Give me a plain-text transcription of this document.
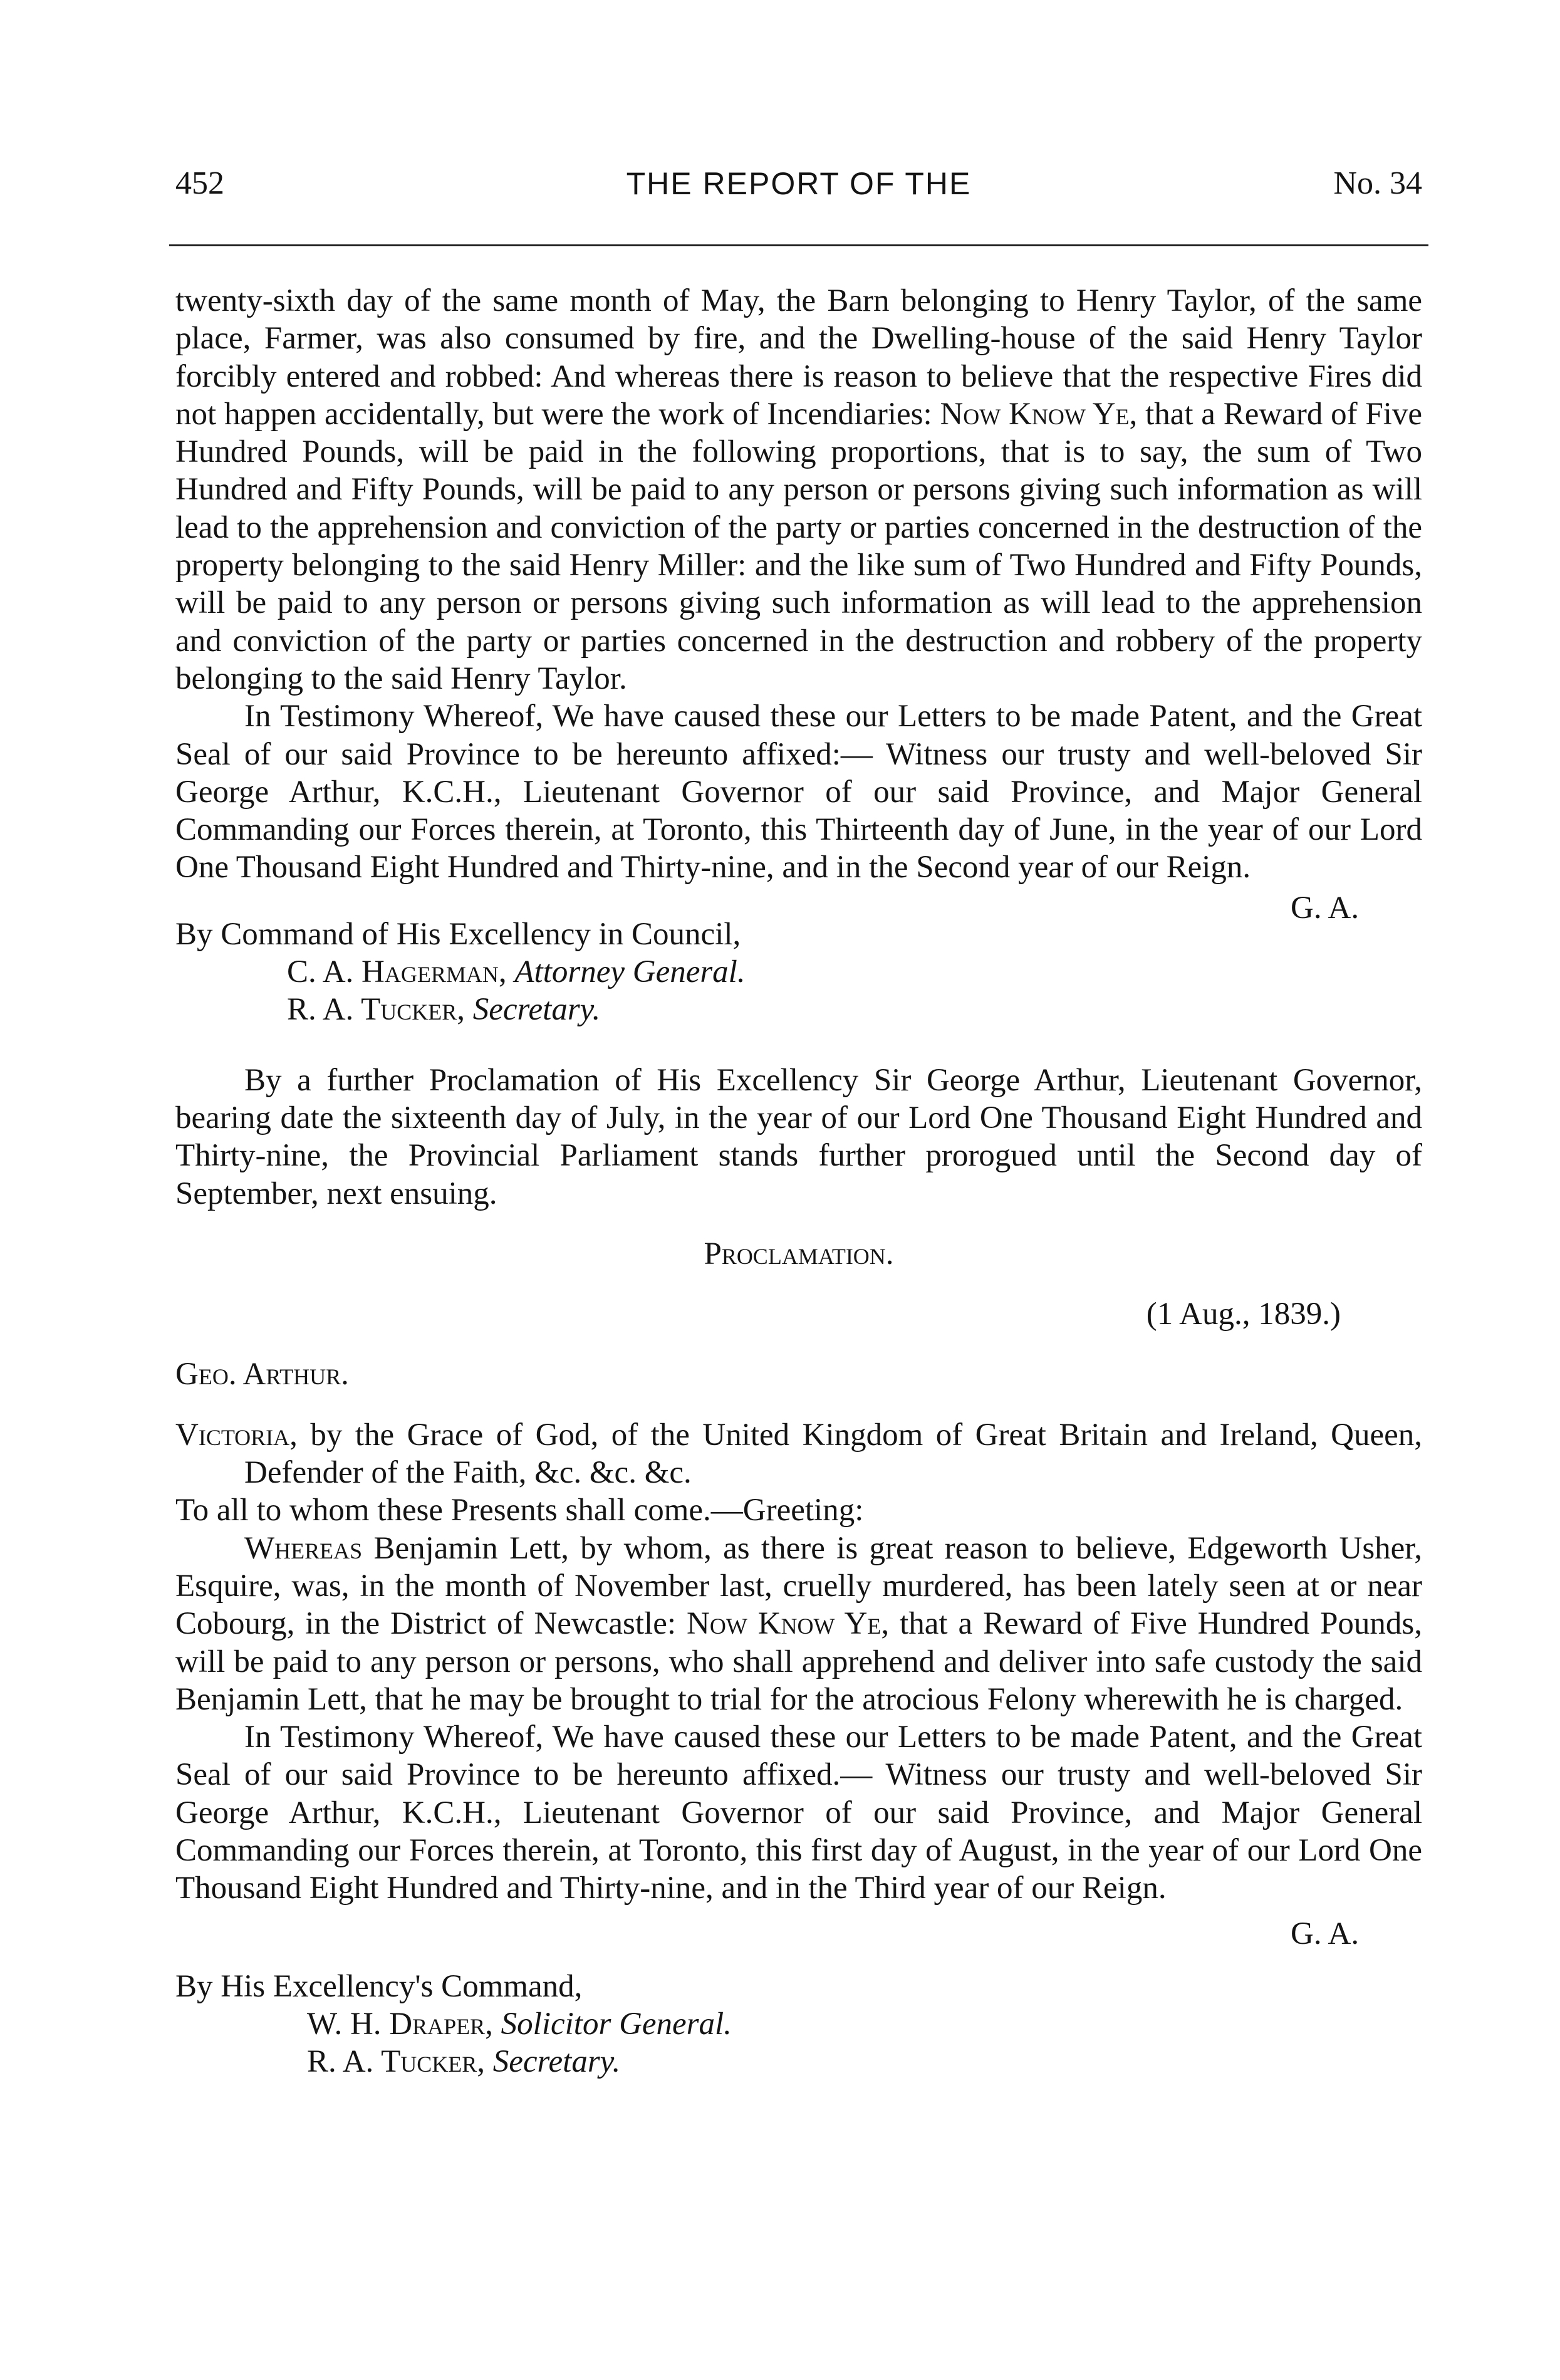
452	THE REPORT OF THE	No. 34

twenty-sixth day of the same month of May, the Barn belonging to Henry Taylor, of the same place, Farmer, was also consumed by fire, and the Dwelling-house of the said Henry Taylor forcibly entered and robbed: And whereas there is reason to believe that the respective Fires did not happen accidentally, but were the work of Incendiaries: Now Know Ye, that a Reward of Five Hundred Pounds, will be paid in the following proportions, that is to say, the sum of Two Hundred and Fifty Pounds, will be paid to any person or persons giving such information as will lead to the apprehension and conviction of the party or parties concerned in the destruction of the property belonging to the said Henry Miller: and the like sum of Two Hundred and Fifty Pounds, will be paid to any person or persons giving such information as will lead to the apprehension and conviction of the party or parties concerned in the destruction and robbery of the property belonging to the said Henry Taylor.

In Testimony Whereof, We have caused these our Letters to be made Patent, and the Great Seal of our said Province to be hereunto affixed:— Witness our trusty and well-beloved Sir George Arthur, K.C.H., Lieutenant Governor of our said Province, and Major General Commanding our Forces therein, at Toronto, this Thirteenth day of June, in the year of our Lord One Thousand Eight Hundred and Thirty-nine, and in the Second year of our Reign.

G. A.

By Command of His Excellency in Council,

C. A. Hagerman, Attorney General.

R. A. Tucker, Secretary.

By a further Proclamation of His Excellency Sir George Arthur, Lieutenant Governor, bearing date the sixteenth day of July, in the year of our Lord One Thousand Eight Hundred and Thirty-nine, the Provincial Parliament stands further prorogued until the Second day of September, next ensuing.

Proclamation.

(1 Aug., 1839.)

Geo. Arthur.

Victoria, by the Grace of God, of the United Kingdom of Great Britain and Ireland, Queen, Defender of the Faith, &c. &c. &c.

To all to whom these Presents shall come.—Greeting:

Whereas Benjamin Lett, by whom, as there is great reason to believe, Edgeworth Usher, Esquire, was, in the month of November last, cruelly murdered, has been lately seen at or near Cobourg, in the District of Newcastle: Now Know Ye, that a Reward of Five Hundred Pounds, will be paid to any person or persons, who shall apprehend and deliver into safe custody the said Benjamin Lett, that he may be brought to trial for the atrocious Felony wherewith he is charged.

In Testimony Whereof, We have caused these our Letters to be made Patent, and the Great Seal of our said Province to be hereunto affixed.— Witness our trusty and well-beloved Sir George Arthur, K.C.H., Lieutenant Governor of our said Province, and Major General Commanding our Forces therein, at Toronto, this first day of August, in the year of our Lord One Thousand Eight Hundred and Thirty-nine, and in the Third year of our Reign.

G. A.

By His Excellency's Command,

W. H. Draper, Solicitor General.

R. A. Tucker, Secretary.
